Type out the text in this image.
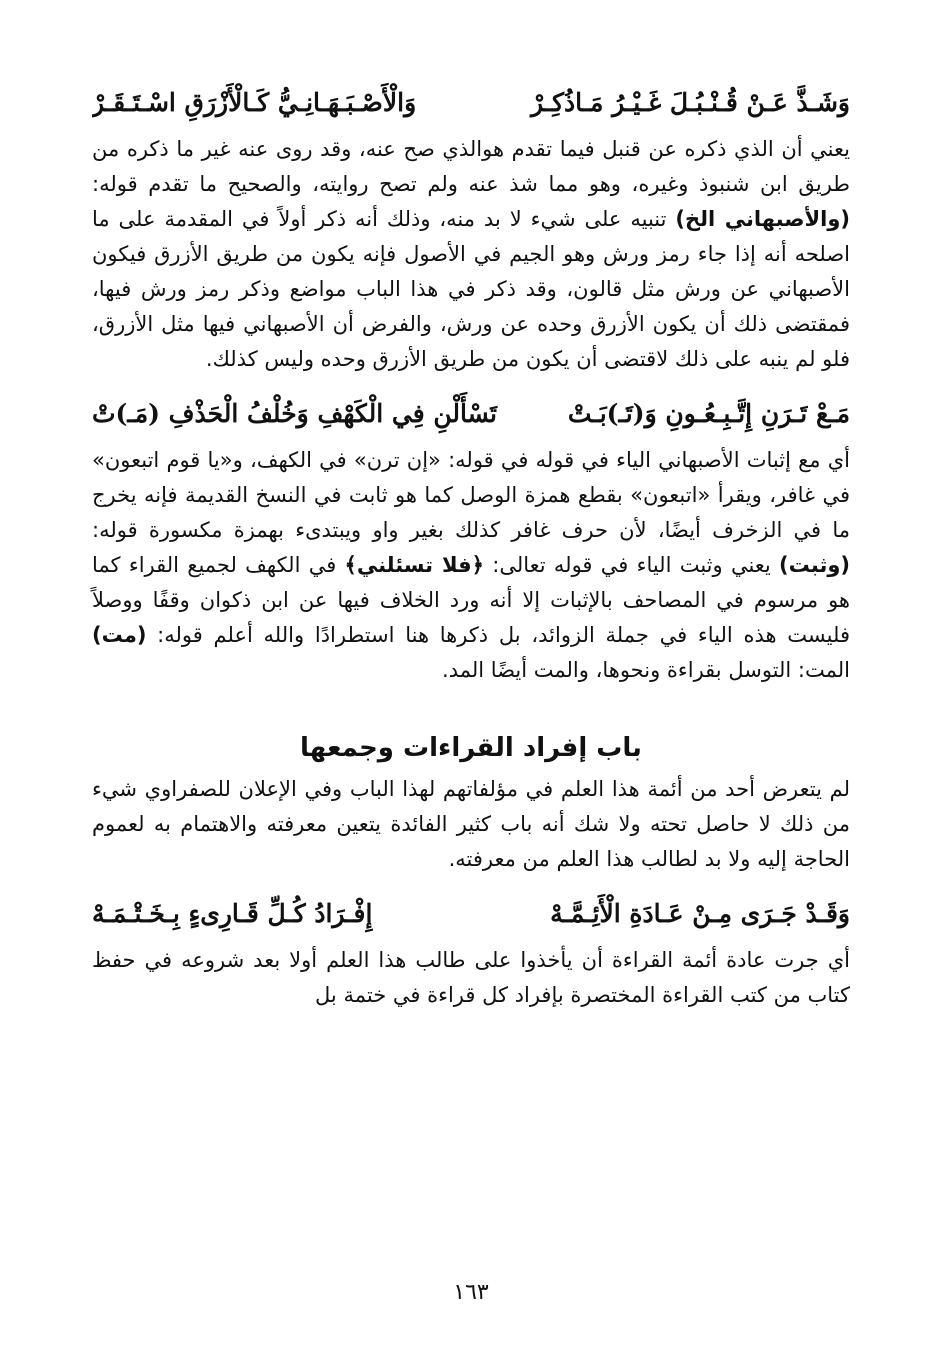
وَشَـذَّ عَـنْ قُـنْـبُـلَ غَـيْـرُ مَـاذُكِـرْ
وَالْأَصْـبَـهَـانِـيُّ كَـالْأَزْرَقِ اسْـتَـقَـرْ

يعني أن الذي ذكره عن قنبل فيما تقدم هوالذي صح عنه، وقد روى عنه غير ما ذكره من طريق ابن شنبوذ وغيره، وهو مما شذ عنه ولم تصح روايته، والصحيح ما تقدم قوله: (والأصبهاني الخ) تنبيه على شيء لا بد منه، وذلك أنه ذكر أولاً في المقدمة على ما اصلحه أنه إذا جاء رمز ورش وهو الجيم في الأصول فإنه يكون من طريق الأزرق فيكون الأصبهاني عن ورش مثل قالون، وقد ذكر في هذا الباب مواضع وذكر رمز ورش فيها، فمقتضى ذلك أن يكون الأزرق وحده عن ورش، والفرض أن الأصبهاني فيها مثل الأزرق، فلو لم ينبه على ذلك لاقتضى أن يكون من طريق الأزرق وحده وليس كذلك.

مَـعْ تَـرَنِ إِتَّـبِـعُـونِ وَ(تَـ)بَـتْ
تَسْأَلْنِ فِي الْكَهْفِ وَخُلْفُ الْحَذْفِ (مَـ)تْ

أي مع إثبات الأصبهاني الياء في قوله في قوله: «إن ترن» في الكهف، و«يا قوم اتبعون» في غافر، ويقرأ «اتبعون» بقطع همزة الوصل كما هو ثابت في النسخ القديمة فإنه يخرج ما في الزخرف أيضًا، لأن حرف غافر كذلك بغير واو ويبتدىء بهمزة مكسورة قوله: (وثبت) يعني وثبت الياء في قوله تعالى: ﴿فلا تسئلني﴾ في الكهف لجميع القراء كما هو مرسوم في المصاحف بالإثبات إلا أنه ورد الخلاف فيها عن ابن ذكوان وقفًا ووصلاً فليست هذه الياء في جملة الزوائد، بل ذكرها هنا استطرادًا والله أعلم قوله: (مت) المت: التوسل بقراءة ونحوها، والمت أيضًا المد.

باب إفراد القراءات وجمعها

لم يتعرض أحد من أئمة هذا العلم في مؤلفاتهم لهذا الباب وفي الإعلان للصفراوي شيء من ذلك لا حاصل تحته ولا شك أنه باب كثير الفائدة يتعين معرفته والاهتمام به لعموم الحاجة إليه ولا بد لطالب هذا العلم من معرفته.

وَقَـدْ جَـرَى مِـنْ عَـادَةِ الْأَئِـمَّـهْ
إِفْـرَادُ كُـلِّ قَـارِىءٍ بِـخَـتْـمَـهْ

أي جرت عادة أئمة القراءة أن يأخذوا على طالب هذا العلم أولا بعد شروعه في حفظ كتاب من كتب القراءة المختصرة بإفراد كل قراءة في ختمة بل

١٦٣
